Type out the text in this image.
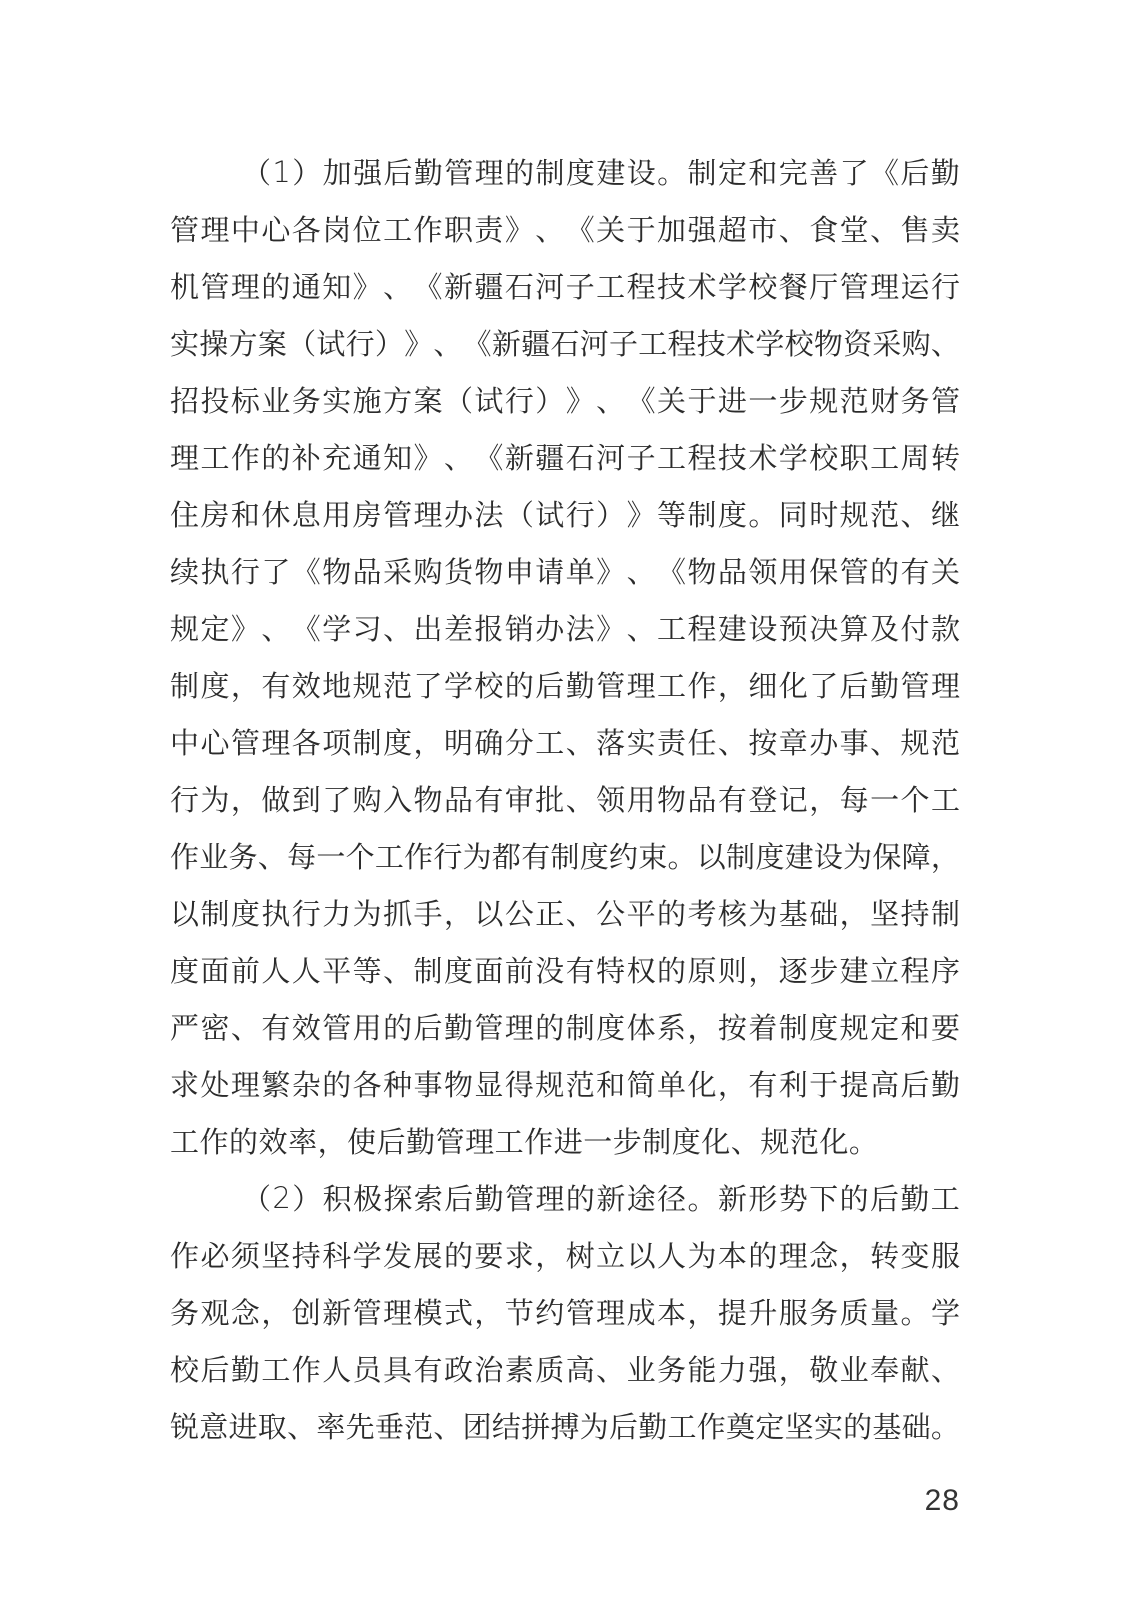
（ 1 ） 加 强 后 勤 管 理 的 制 度 建 设 。 制 定 和 完 善 了 《 后 勤
管 理 中 心 各 岗 位 工 作 职 责 》 、 《 关 于 加 强 超 市 、 食 堂 、 售 卖
机 管 理 的 通 知 》 、 《 新 疆 石 河 子 工 程 技 术 学 校 餐 厅 管 理 运 行
实 操 方 案 （ 试 行 ） 》 、 《 新 疆 石 河 子 工 程 技 术 学 校 物 资 采 购 、
招 投 标 业 务 实 施 方 案 （ 试 行 ） 》 、 《 关 于 进 一 步 规 范 财 务 管
理 工 作 的 补 充 通 知 》 、 《 新 疆 石 河 子 工 程 技 术 学 校 职 工 周 转
住 房 和 休 息 用 房 管 理 办 法 （ 试 行 ） 》 等 制 度 。 同 时 规 范 、 继
续 执 行 了 《 物 品 采 购 货 物 申 请 单 》 、 《 物 品 领 用 保 管 的 有 关
规 定 》 、 《 学 习 、 出 差 报 销 办 法 》 、 工 程 建 设 预 决 算 及 付 款
制 度 ， 有 效 地 规 范 了 学 校 的 后 勤 管 理 工 作 ， 细 化 了 后 勤 管 理
中 心 管 理 各 项 制 度 ， 明 确 分 工 、 落 实 责 任 、 按 章 办 事 、 规 范
行 为 ， 做 到 了 购 入 物 品 有 审 批 、 领 用 物 品 有 登 记 ， 每 一 个 工
作 业 务 、 每 一 个 工 作 行 为 都 有 制 度 约 束 。 以 制 度 建 设 为 保 障 ，
以 制 度 执 行 力 为 抓 手 ， 以 公 正 、 公 平 的 考 核 为 基 础 ， 坚 持 制
度 面 前 人 人 平 等 、 制 度 面 前 没 有 特 权 的 原 则 ， 逐 步 建 立 程 序
严 密 、 有 效 管 用 的 后 勤 管 理 的 制 度 体 系 ， 按 着 制 度 规 定 和 要
求 处 理 繁 杂 的 各 种 事 物 显 得 规 范 和 简 单 化 ， 有 利 于 提 高 后 勤
工 作 的 效 率 ， 使 后 勤 管 理 工 作 进 一 步 制 度 化 、 规 范 化 。
（ 2 ） 积 极 探 索 后 勤 管 理 的 新 途 径 。 新 形 势 下 的 后 勤 工
作 必 须 坚 持 科 学 发 展 的 要 求 ， 树 立 以 人 为 本 的 理 念 ， 转 变 服
务 观 念 ， 创 新 管 理 模 式 ， 节 约 管 理 成 本 ， 提 升 服 务 质 量 。 学
校 后 勤 工 作 人 员 具 有 政 治 素 质 高 、 业 务 能 力 强 ， 敬 业 奉 献 、
锐 意 进 取 、 率 先 垂 范 、 团 结 拼 搏 为 后 勤 工 作 奠 定 坚 实 的 基 础 。
28
